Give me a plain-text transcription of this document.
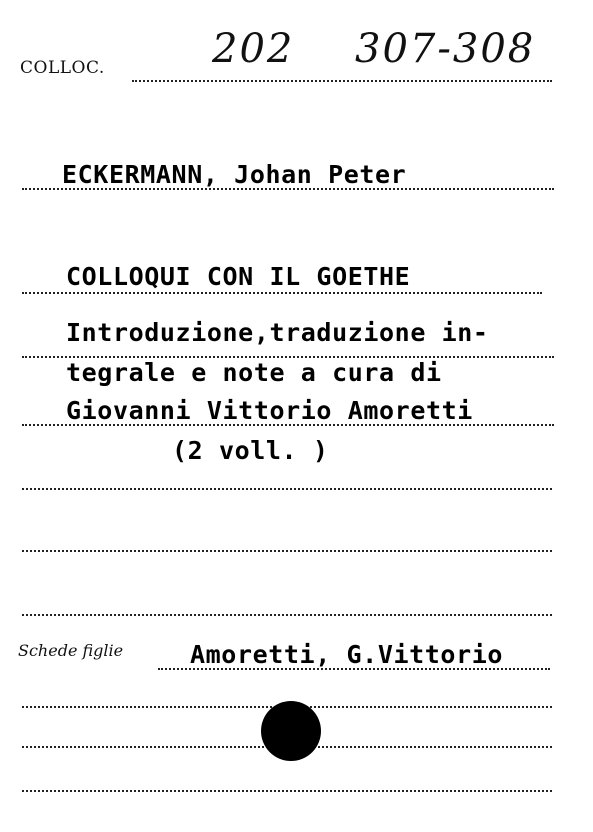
COLLOC.	202 307-308
ECKERMANN, Johan Peter
COLLOQUI CON IL GOETHE
Introduzione,traduzione in-
tegrale e note a cura di
Giovanni Vittorio Amoretti
(2 voll. )
Schede figlie	Amoretti, G.Vittorio
